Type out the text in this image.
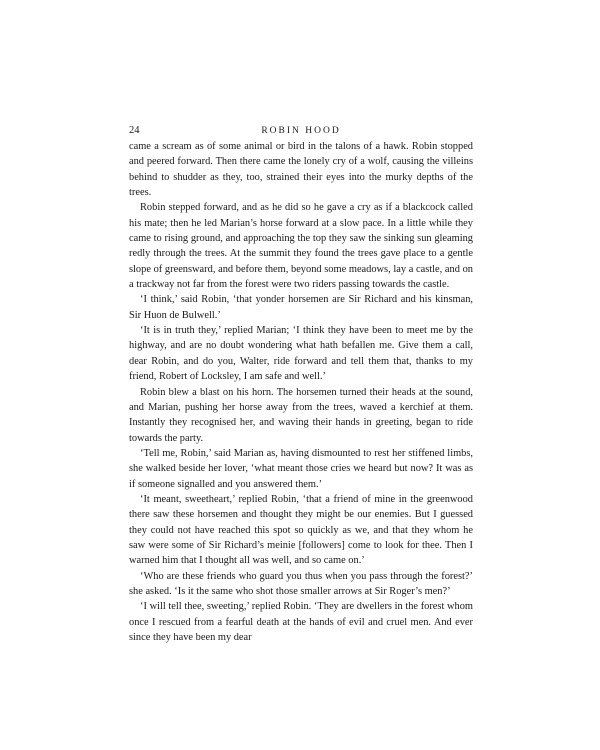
24	ROBIN HOOD

came a scream as of some animal or bird in the talons of a hawk. Robin stopped and peered forward. Then there came the lonely cry of a wolf, causing the villeins behind to shudder as they, too, strained their eyes into the murky depths of the trees.

Robin stepped forward, and as he did so he gave a cry as if a blackcock called his mate; then he led Marian’s horse forward at a slow pace. In a little while they came to rising ground, and approaching the top they saw the sinking sun gleaming redly through the trees. At the summit they found the trees gave place to a gentle slope of greensward, and before them, beyond some meadows, lay a castle, and on a trackway not far from the forest were two riders passing towards the castle.

‘I think,’ said Robin, ‘that yonder horsemen are Sir Richard and his kinsman, Sir Huon de Bulwell.’

‘It is in truth they,’ replied Marian; ‘I think they have been to meet me by the highway, and are no doubt wondering what hath befallen me. Give them a call, dear Robin, and do you, Walter, ride forward and tell them that, thanks to my friend, Robert of Locksley, I am safe and well.’

Robin blew a blast on his horn. The horsemen turned their heads at the sound, and Marian, pushing her horse away from the trees, waved a kerchief at them. Instantly they recognised her, and waving their hands in greeting, began to ride towards the party.

‘Tell me, Robin,’ said Marian as, having dismounted to rest her stiffened limbs, she walked beside her lover, ‘what meant those cries we heard but now? It was as if someone signalled and you answered them.’

‘It meant, sweetheart,’ replied Robin, ‘that a friend of mine in the greenwood there saw these horsemen and thought they might be our enemies. But I guessed they could not have reached this spot so quickly as we, and that they whom he saw were some of Sir Richard’s meinie [followers] come to look for thee. Then I warned him that I thought all was well, and so came on.’

‘Who are these friends who guard you thus when you pass through the forest?’ she asked. ‘Is it the same who shot those smaller arrows at Sir Roger’s men?’

‘I will tell thee, sweeting,’ replied Robin. ‘They are dwellers in the forest whom once I rescued from a fearful death at the hands of evil and cruel men. And ever since they have been my dear
